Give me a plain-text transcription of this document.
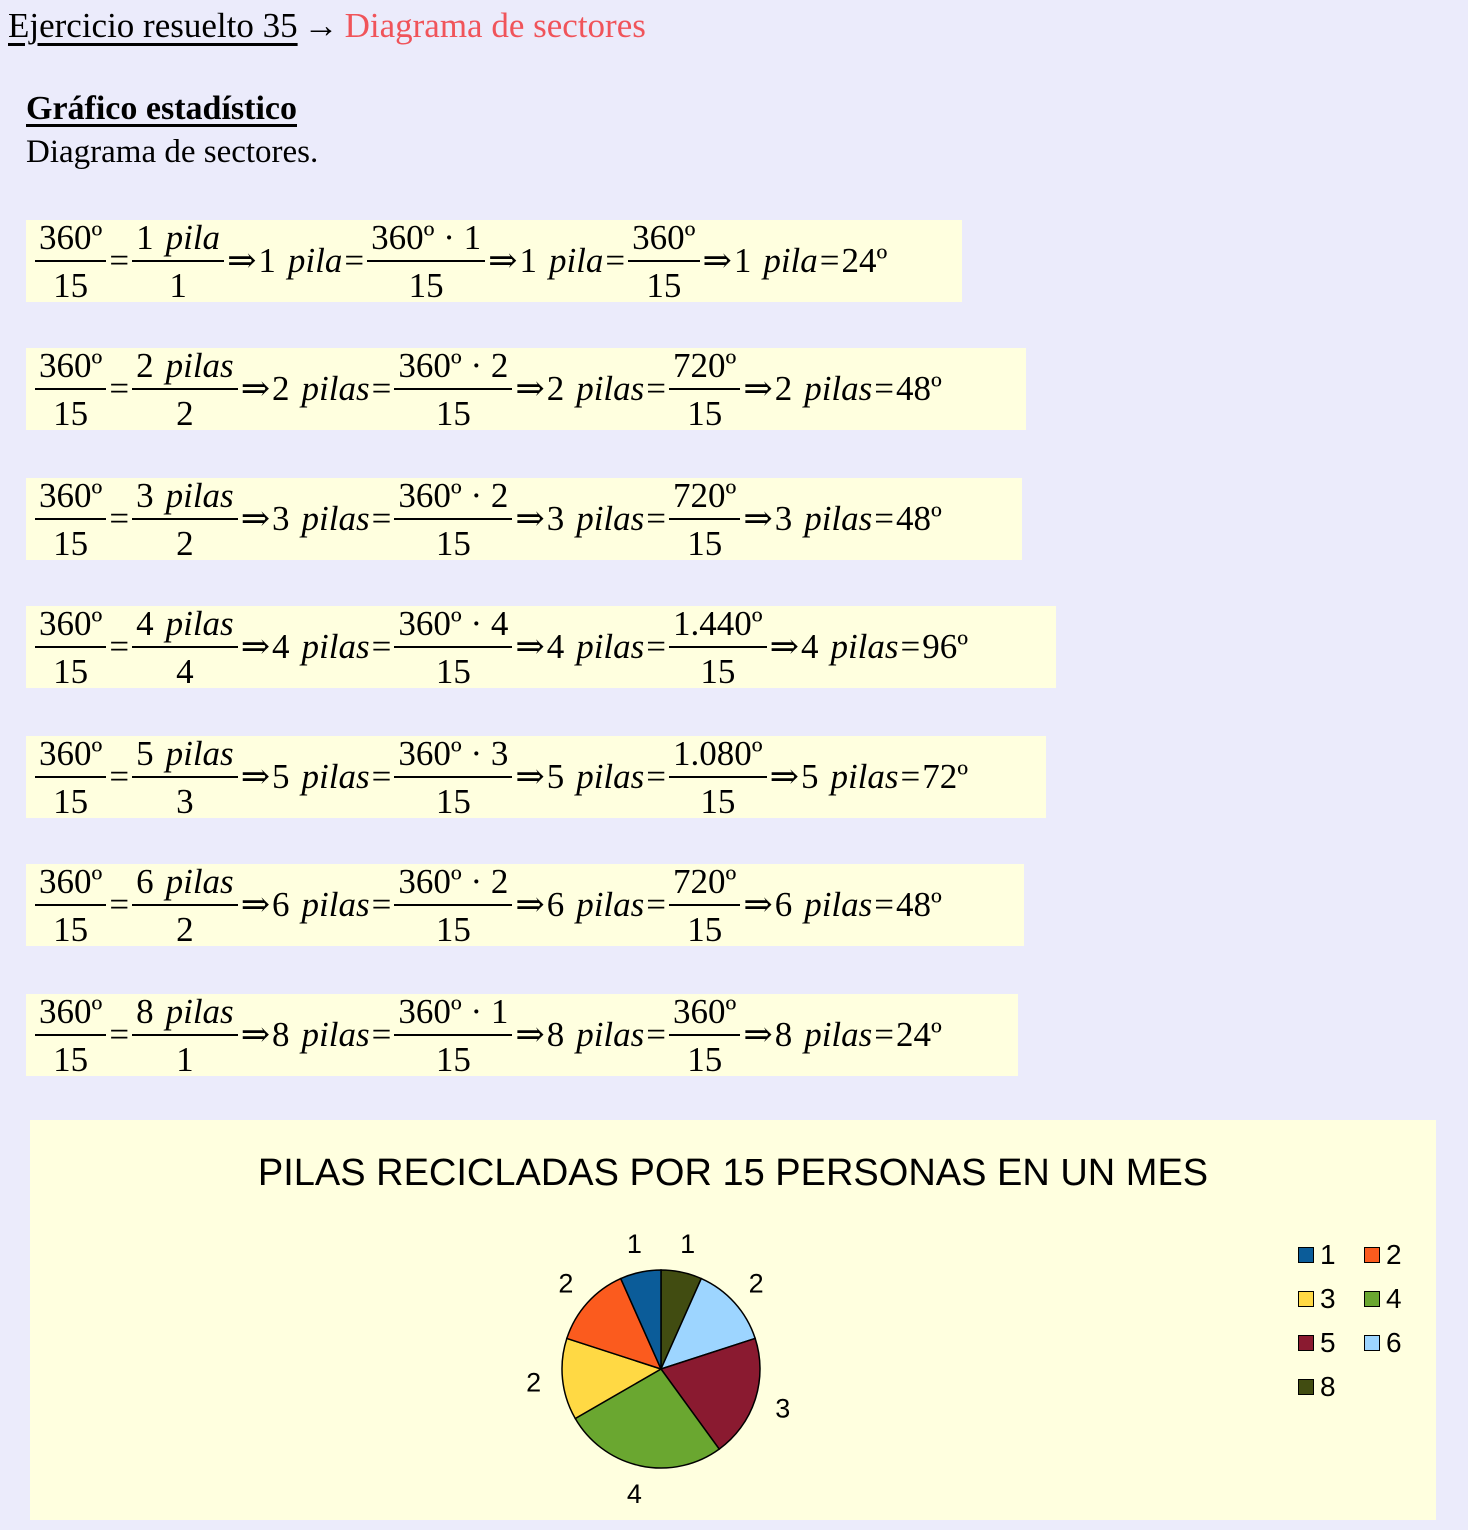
Ejercicio resuelto 35 → Diagrama de sectores
Gráfico estadístico
Diagrama de sectores.
$\frac{\text{360º}}{15} = \frac{\text{1 pila}}{1}$ ⇒ 1 pila = $\frac{\text{360º · 1}}{15}$ ⇒ 1 pila = $\frac{\text{360º}}{15}$ ⇒ 1 pila = 24º
$\frac{\text{360º}}{15} = \frac{\text{2 pilas}}{2}$ ⇒ 2 pilas = $\frac{\text{360º · 2}}{15}$ ⇒ 2 pilas = $\frac{\text{720º}}{15}$ ⇒ 2 pilas = 48º
$\frac{\text{360º}}{15} = \frac{\text{3 pilas}}{2}$ ⇒ 3 pilas = $\frac{\text{360º · 2}}{15}$ ⇒ 3 pilas = $\frac{\text{720º}}{15}$ ⇒ 3 pilas = 48º
$\frac{\text{360º}}{15} = \frac{\text{4 pilas}}{4}$ ⇒ 4 pilas = $\frac{\text{360º · 4}}{15}$ ⇒ 4 pilas = $\frac{\text{1.440º}}{15}$ ⇒ 4 pilas = 96º
$\frac{\text{360º}}{15} = \frac{\text{5 pilas}}{3}$ ⇒ 5 pilas = $\frac{\text{360º · 3}}{15}$ ⇒ 5 pilas = $\frac{\text{1.080º}}{15}$ ⇒ 5 pilas = 72º
$\frac{\text{360º}}{15} = \frac{\text{6 pilas}}{2}$ ⇒ 6 pilas = $\frac{\text{360º · 2}}{15}$ ⇒ 6 pilas = $\frac{\text{720º}}{15}$ ⇒ 6 pilas = 48º
$\frac{\text{360º}}{15} = \frac{\text{8 pilas}}{1}$ ⇒ 8 pilas = $\frac{\text{360º · 1}}{15}$ ⇒ 8 pilas = $\frac{\text{360º}}{15}$ ⇒ 8 pilas = 24º
PILAS RECICLADAS POR 15 PERSONAS EN UN MES
1
2
3
4
2
2
1	1 2
3 4
5 6
8
